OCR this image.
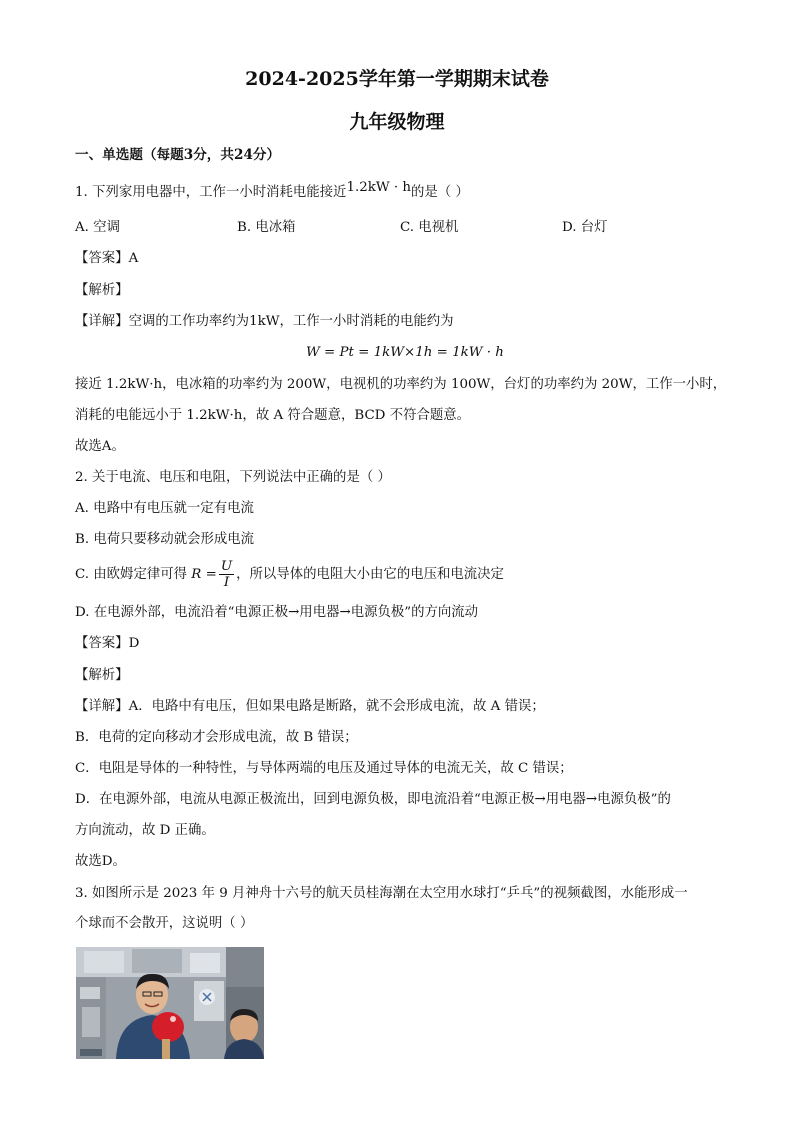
2024-2025学年第一学期期末试卷
九年级物理
一、单选题（每题3分，共24分）
1. 下列家用电器中，工作一小时消耗电能接近1.2kW · h的是（ ）
A. 空调	B. 电冰箱	C. 电视机	D. 台灯
【答案】A
【解析】
【详解】空调的工作功率约为1kW，工作一小时消耗的电能约为
W = Pt = 1kW×1h = 1kW · h
接近 1.2kW·h，电冰箱的功率约为 200W，电视机的功率约为 100W，台灯的功率约为 20W，工作一小时，
消耗的电能远小于 1.2kW·h，故 A 符合题意，BCD 不符合题意。
故选A。
2. 关于电流、电压和电阻，下列说法中正确的是（ ）
A. 电路中有电压就一定有电流
B. 电荷只要移动就会形成电流
C. 由欧姆定律可得 $R = \frac{U}{I}$ ，所以导体的电阻大小由它的电压和电流决定
D. 在电源外部，电流沿着“电源正极→用电器→电源负极”的方向流动
【答案】D
【解析】
【详解】A．电路中有电压，但如果电路是断路，就不会形成电流，故 A 错误；
B．电荷的定向移动才会形成电流，故 B 错误；
C．电阻是导体的一种特性，与导体两端的电压及通过导体的电流无关，故 C 错误；
D．在电源外部，电流从电源正极流出，回到电源负极，即电流沿着“电源正极→用电器→电源负极”的
方向流动，故 D 正确。
故选D。
3. 如图所示是 2023 年 9 月神舟十六号的航天员桂海潮在太空用水球打“乒乓”的视频截图，水能形成一
个球而不会散开，这说明（ ）
